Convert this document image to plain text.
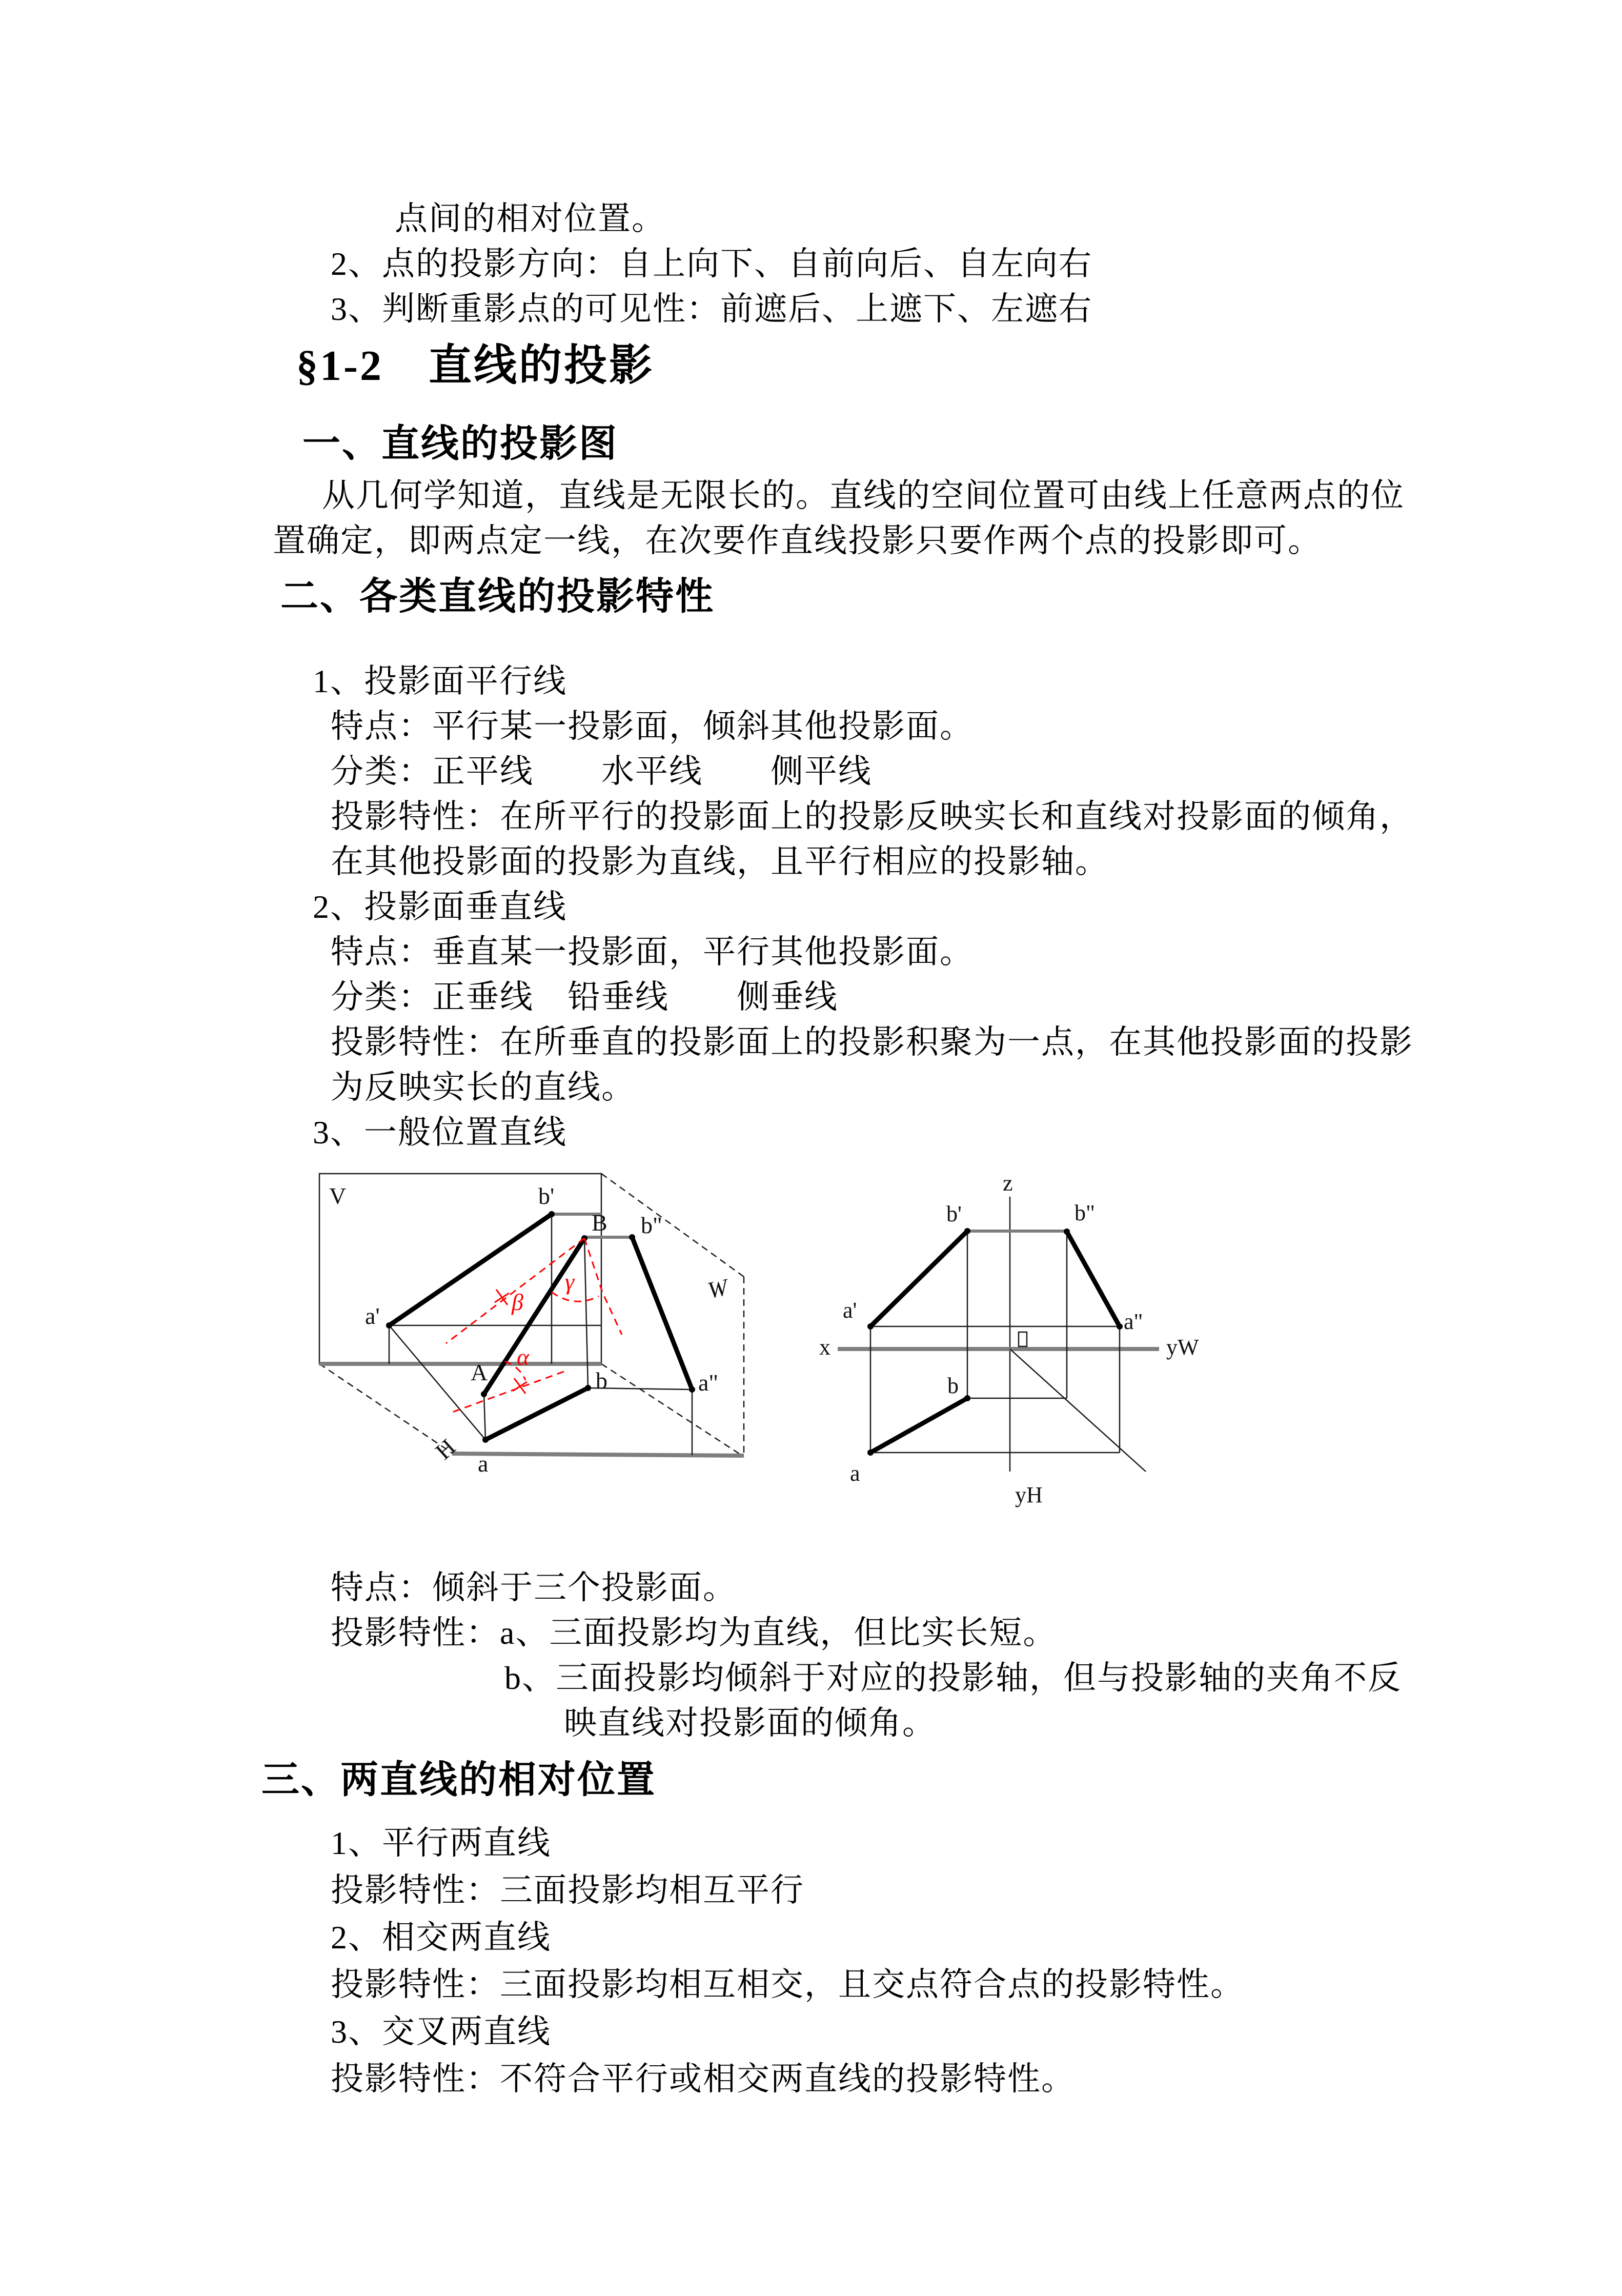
点间的相对位置。
2、点的投影方向：自上向下、自前向后、自左向右
3、判断重影点的可见性：前遮后、上遮下、左遮右
§1-2　直线的投影
一、直线的投影图
从几何学知道，直线是无限长的。直线的空间位置可由线上任意两点的位
置确定，即两点定一线，在次要作直线投影只要作两个点的投影即可。
二、各类直线的投影特性
1、投影面平行线
特点：平行某一投影面，倾斜其他投影面。
分类：正平线　　水平线　　侧平线
投影特性：在所平行的投影面上的投影反映实长和直线对投影面的倾角，
在其他投影面的投影为直线，且平行相应的投影轴。
2、投影面垂直线
特点：垂直某一投影面，平行其他投影面。
分类：正垂线　铅垂线　　侧垂线
投影特性：在所垂直的投影面上的投影积聚为一点，在其他投影面的投影
为反映实长的直线。
3、一般位置直线
特点：倾斜于三个投影面。
投影特性：a、三面投影均为直线，但比实长短。
b、三面投影均倾斜于对应的投影轴，但与投影轴的夹角不反
映直线对投影面的倾角。
三、两直线的相对位置
1、平行两直线
投影特性：三面投影均相互平行
2、相交两直线
投影特性：三面投影均相互相交，且交点符合点的投影特性。
3、交叉两直线
投影特性：不符合平行或相交两直线的投影特性。
V	b'
B b"
W
a'
A	b	a"
a
H
β
γ
α
z
x	yW
yH
b'	b"
a'	a"
b
a
